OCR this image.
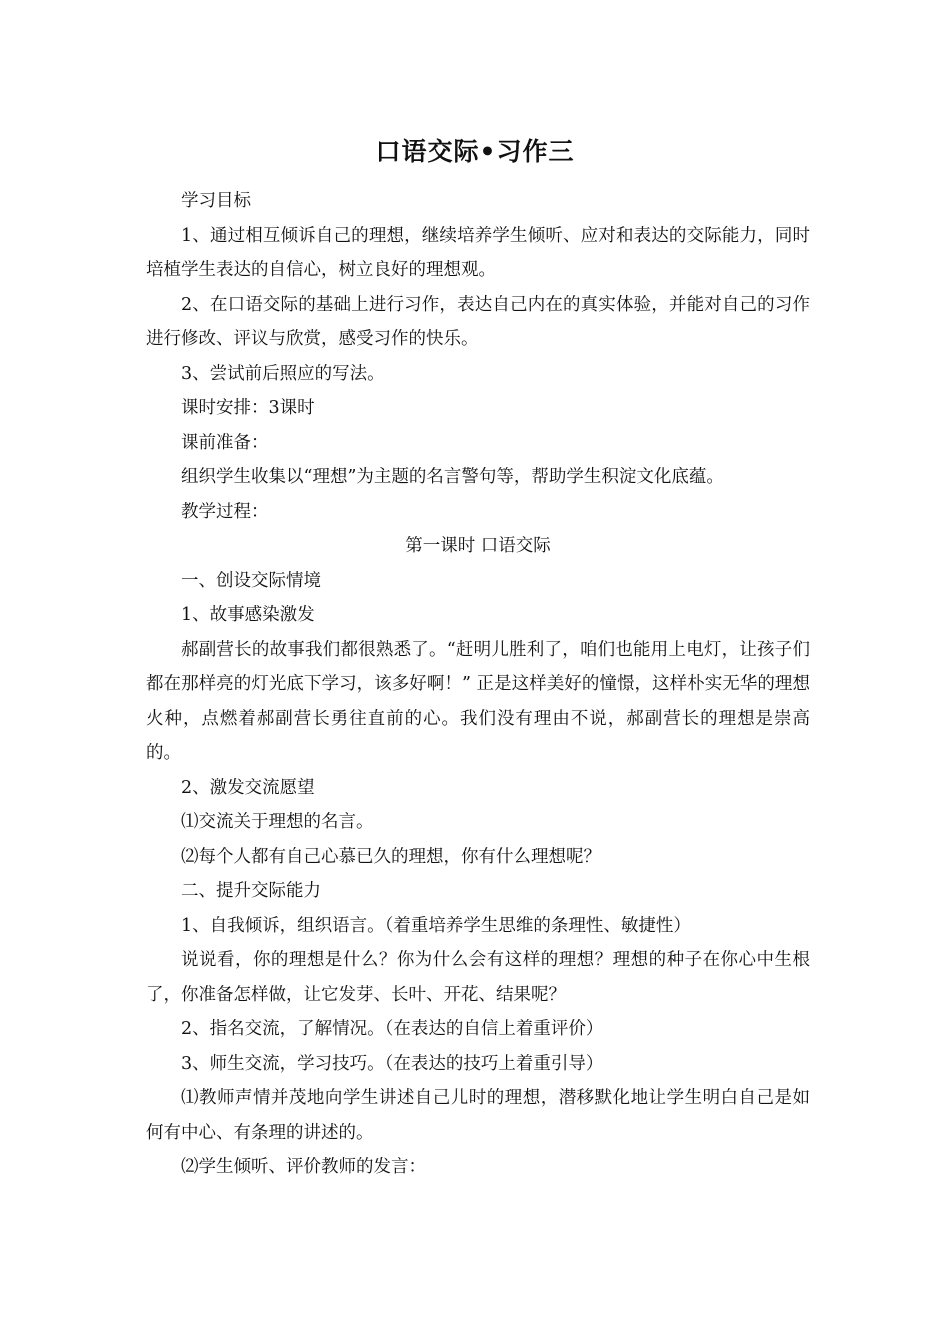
口语交际•习作三

学习目标

1、通过相互倾诉自己的理想，继续培养学生倾听、应对和表达的交际能力，同时培植学生表达的自信心，树立良好的理想观。

2、在口语交际的基础上进行习作，表达自己内在的真实体验，并能对自己的习作进行修改、评议与欣赏，感受习作的快乐。

3、尝试前后照应的写法。

课时安排：3课时

课前准备：

组织学生收集以“理想”为主题的名言警句等，帮助学生积淀文化底蕴。

教学过程：

第一课时 口语交际

一、创设交际情境

1、故事感染激发

郝副营长的故事我们都很熟悉了。“赶明儿胜利了，咱们也能用上电灯，让孩子们都在那样亮的灯光底下学习，该多好啊！” 正是这样美好的憧憬，这样朴实无华的理想火种，点燃着郝副营长勇往直前的心。我们没有理由不说，郝副营长的理想是崇高的。

2、激发交流愿望

⑴交流关于理想的名言。

⑵每个人都有自己心慕已久的理想，你有什么理想呢？

二、提升交际能力

1、自我倾诉，组织语言。（着重培养学生思维的条理性、敏捷性）

说说看，你的理想是什么？你为什么会有这样的理想？理想的种子在你心中生根了，你准备怎样做，让它发芽、长叶、开花、结果呢？

2、指名交流，了解情况。（在表达的自信上着重评价）

3、师生交流，学习技巧。（在表达的技巧上着重引导）

⑴教师声情并茂地向学生讲述自己儿时的理想，潜移默化地让学生明白自己是如何有中心、有条理的讲述的。

⑵学生倾听、评价教师的发言：
